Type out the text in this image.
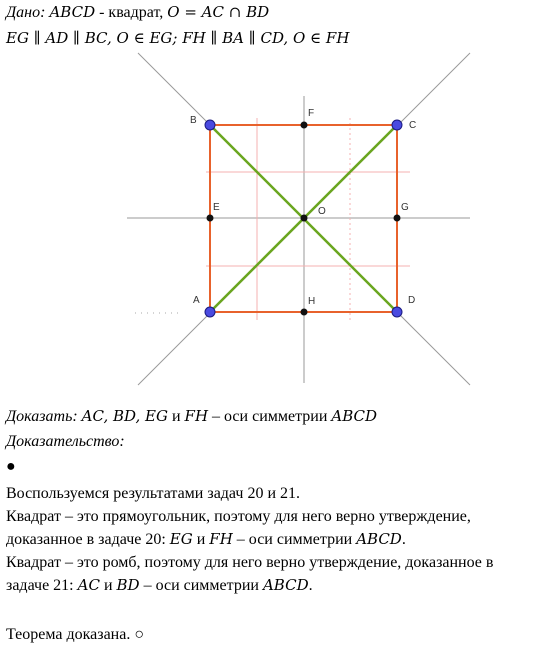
Дано: ABCD - квадрат, O = AC ∩ BD
EG ∥ AD ∥ BC, O ∈ EG; FH ∥ BA ∥ CD, O ∈ FH
B	C
A	D
F
H
E	G
O
Доказать: AC, BD, EG и FH – оси симметрии ABCD
Доказательство:
●
Воспользуемся результатами задач 20 и 21.
Квадрат – это прямоугольник, поэтому для него верно утверждение,
доказанное в задаче 20: EG и FH – оси симметрии ABCD.
Квадрат – это ромб, поэтому для него верно утверждение, доказанное в
задаче 21: AC и BD – оси симметрии ABCD.
Теорема доказана. ○
